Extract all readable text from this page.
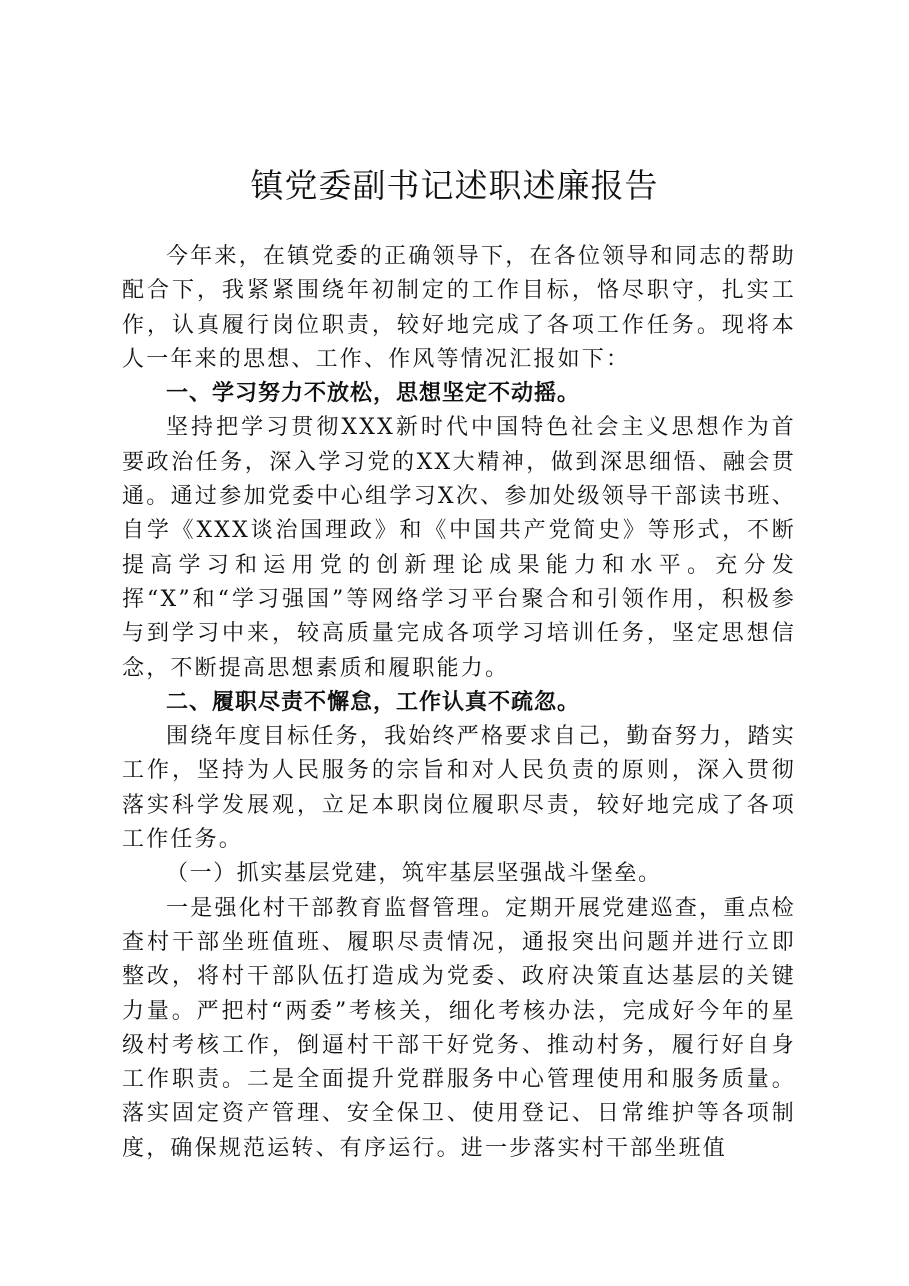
镇党委副书记述职述廉报告

今年来，在镇党委的正确领导下，在各位领导和同志的帮助配合下，我紧紧围绕年初制定的工作目标，恪尽职守，扎实工作，认真履行岗位职责，较好地完成了各项工作任务。现将本人一年来的思想、工作、作风等情况汇报如下：

一、学习努力不放松，思想坚定不动摇。

坚持把学习贯彻XXX新时代中国特色社会主义思想作为首要政治任务，深入学习党的XX大精神，做到深思细悟、融会贯通。通过参加党委中心组学习X次、参加处级领导干部读书班、自学《XXX谈治国理政》和《中国共产党简史》等形式，不断提高学习和运用党的创新理论成果能力和水平。充分发挥“X”和“学习强国”等网络学习平台聚合和引领作用，积极参与到学习中来，较高质量完成各项学习培训任务，坚定思想信念，不断提高思想素质和履职能力。

二、履职尽责不懈怠，工作认真不疏忽。

围绕年度目标任务，我始终严格要求自己，勤奋努力，踏实工作，坚持为人民服务的宗旨和对人民负责的原则，深入贯彻落实科学发展观，立足本职岗位履职尽责，较好地完成了各项工作任务。

（一）抓实基层党建，筑牢基层坚强战斗堡垒。

一是强化村干部教育监督管理。定期开展党建巡查，重点检查村干部坐班值班、履职尽责情况，通报突出问题并进行立即整改，将村干部队伍打造成为党委、政府决策直达基层的关键力量。严把村“两委”考核关，细化考核办法，完成好今年的星级村考核工作，倒逼村干部干好党务、推动村务，履行好自身工作职责。二是全面提升党群服务中心管理使用和服务质量。落实固定资产管理、安全保卫、使用登记、日常维护等各项制度，确保规范运转、有序运行。进一步落实村干部坐班值
